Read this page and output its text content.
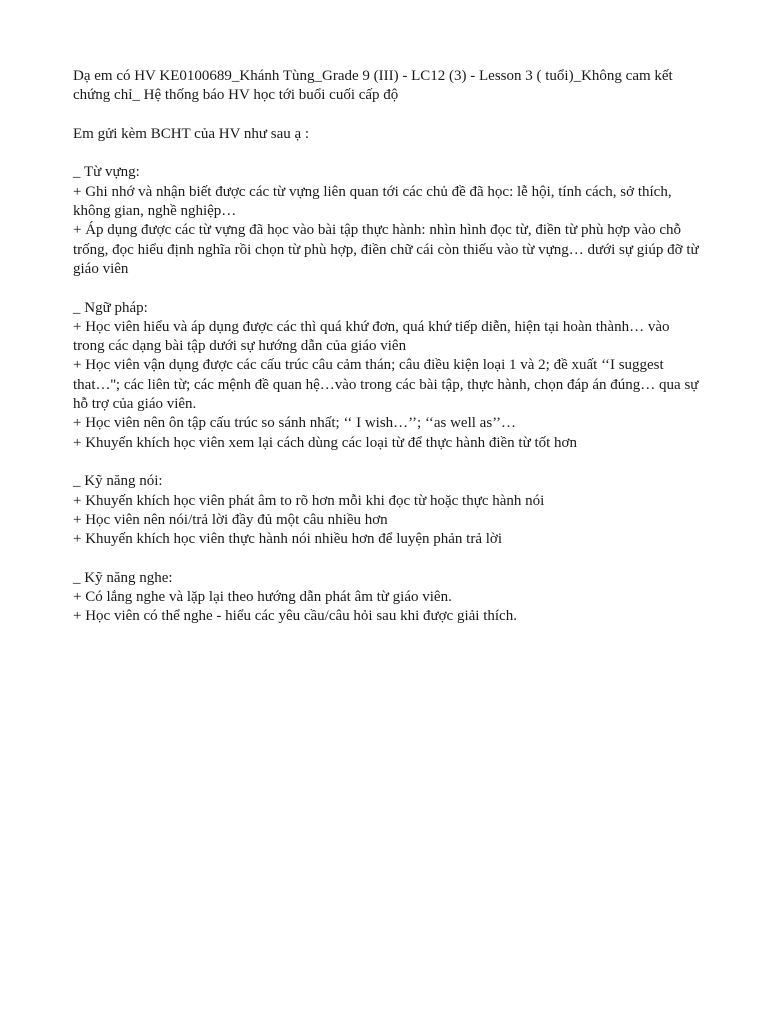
Dạ em có HV KE0100689_Khánh Tùng_Grade 9 (III) - LC12 (3) - Lesson 3 ( tuổi)_Không cam kết chứng chỉ_ Hệ thống báo HV học tới buổi cuối cấp độ

Em gửi kèm BCHT của HV như sau ạ :

_ Từ vựng:

+ Ghi nhớ và nhận biết được các từ vựng liên quan tới các chủ đề đã học: lễ hội, tính cách, sở thích, không gian, nghề nghiệp…

+ Áp dụng được các từ vựng đã học vào bài tập thực hành: nhìn hình đọc từ, điền từ phù hợp vào chỗ trống, đọc hiểu định nghĩa rồi chọn từ phù hợp, điền chữ cái còn thiếu vào từ vựng… dưới sự giúp đỡ từ giáo viên

_ Ngữ pháp:

+ Học viên hiểu và áp dụng được các thì quá khứ đơn, quá khứ tiếp diễn, hiện tại hoàn thành… vào trong các dạng bài tập dưới sự hướng dẫn của giáo viên

+ Học viên vận dụng được các cấu trúc câu cảm thán; câu điều kiện loại 1 và 2; đề xuất ‘‘I suggest that…''; các liên từ; các mệnh đề quan hệ…vào trong các bài tập, thực hành, chọn đáp án đúng… qua sự hỗ trợ của giáo viên.

+ Học viên nên ôn tập cấu trúc so sánh nhất; ‘‘ I wish…’’; ‘‘as well as’’…

+ Khuyến khích học viên xem lại cách dùng các loại từ để thực hành điền từ tốt hơn

_ Kỹ năng nói:

+ Khuyến khích học viên phát âm to rõ hơn mỗi khi đọc từ hoặc thực hành nói

+ Học viên nên nói/trả lời đầy đủ một câu nhiều hơn

+ Khuyến khích học viên thực hành nói nhiều hơn để luyện phản trả lời

_ Kỹ năng nghe:

+ Có lắng nghe và lặp lại theo hướng dẫn phát âm từ giáo viên.

+ Học viên có thể nghe - hiểu các yêu cầu/câu hỏi sau khi được giải thích.
